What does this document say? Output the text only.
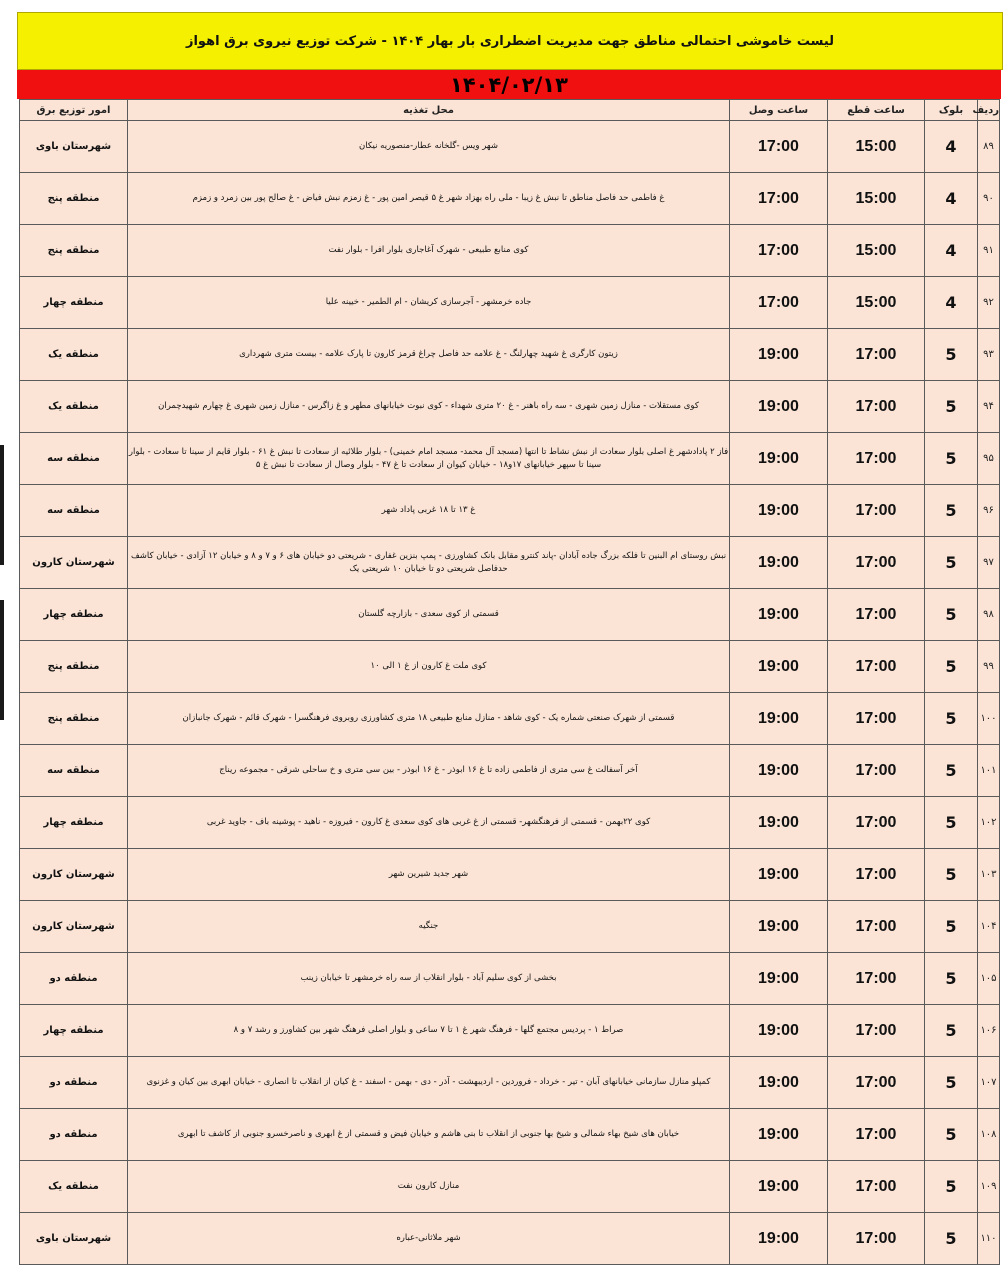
لیست خاموشی احتمالی مناطق جهت مدیریت اضطراری بار بهار ۱۴۰۴ - شرکت توزیع نیروی برق اهواز
۱۴۰۴/۰۲/۱۳
ردیف	بلوک	ساعت قطع	ساعت وصل	محل تغذیه	امور توزیع برق
۸۹	4	15:00	17:00	شهر ویس -گلخانه عطار-منصوریه نیکان	شهرستان باوی
۹۰	4	15:00	17:00	غ فاطمی حد فاصل مناطق تا نبش غ زیبا - ملی راه بهزاد شهر غ ۵ قیصر امین پور - غ زمزم نبش فیاض - غ صالح پور بین زمرد و زمزم	منطقه پنج
۹۱	4	15:00	17:00	کوی منابع طبیعی - شهرک آغاجاری بلوار افرا - بلوار نفت	منطقه پنج
۹۲	4	15:00	17:00	جاده خرمشهر - آجرسازی کریشان - ام الطمیر - خیینه علیا	منطقه چهار
۹۳	5	17:00	19:00	زیتون کارگری غ شهید چهارلنگ - غ علامه حد فاصل چراغ قرمز کارون تا پارک علامه - بیست متری شهرداری	منطقه یک
۹۴	5	17:00	19:00	کوی مستقلات - منازل زمین شهری - سه راه باهنر - غ ۲۰ متری شهداء - کوی نبوت خیابانهای مطهر و غ زاگرس - منازل زمین شهری غ چهارم شهیدچمران	منطقه یک
۹۵	5	17:00	19:00	فاز ۲ پادادشهر غ اصلی بلوار سعادت از نبش نشاط تا انتها (مسجد آل محمد- مسجد امام خمینی) - بلوار طلائیه از سعادت تا نبش غ ۶۱ - بلوار قایم از سینا تا سعادت - بلوار سینا تا سپهر خیابانهای ۱۷و۱۸ - خیابان کیوان از سعادت تا غ ۴۷ - بلوار وصال از سعادت تا نبش غ ۵	منطقه سه
۹۶	5	17:00	19:00	غ ۱۳ تا ۱۸ غربی پاداد شهر	منطقه سه
۹۷	5	17:00	19:00	نبش روستای ام البنین تا فلکه بزرگ جاده آبادان -پاند کنترو مقابل بانک کشاورزی - پمپ بنزین غفاری - شریعتی دو خیابان های ۶ و ۷ و ۸ و خیابان ۱۲ آزادی - خیابان کاشف حدفاصل شریعتی دو تا خیابان ۱۰ شریعتی یک	شهرستان کارون
۹۸	5	17:00	19:00	قسمتی از کوی سعدی - بازارچه گلستان	منطقه چهار
۹۹	5	17:00	19:00	کوی ملت غ کارون از غ ۱ الی ۱۰	منطقه پنج
۱۰۰	5	17:00	19:00	قسمتی از شهرک صنعتی شماره یک - کوی شاهد - منازل منابع طبیعی ۱۸ متری کشاورزی روبروی فرهنگسرا - شهرک قائم - شهرک جانبازان	منطقه پنج
۱۰۱	5	17:00	19:00	آخر آسفالت غ سی متری از فاطمی زاده تا غ ۱۶ ابوذر - غ ۱۶ ابوذر - بین سی متری و خ ساحلی شرقی - مجموعه ریناج	منطقه سه
۱۰۲	5	17:00	19:00	کوی ۲۲بهمن - قسمتی از فرهنگشهر- قسمتی از غ غربی های کوی سعدی غ کارون - فیروزه - ناهید - پوشینه باف - جاوید غربی	منطقه چهار
۱۰۳	5	17:00	19:00	شهر جدید شیرین شهر	شهرستان کارون
۱۰۴	5	17:00	19:00	جنگیه	شهرستان کارون
۱۰۵	5	17:00	19:00	بخشی از کوی سلیم آباد - بلوار انقلاب از سه راه خرمشهر تا خیابان زینب	منطقه دو
۱۰۶	5	17:00	19:00	صراط ۱ - پردیس مجتمع گلها - فرهنگ شهر غ ۱ تا ۷ ساعی و بلوار اصلی فرهنگ شهر بین کشاورز و رشد ۷ و ۸	منطقه چهار
۱۰۷	5	17:00	19:00	کمپلو منازل سازمانی خیابانهای آبان - تیر - خرداد - فروردین - اردیبهشت - آذر - دی - بهمن - اسفند - غ کیان از انقلاب تا انصاری - خیابان ابهری بین کیان و غزنوی	منطقه دو
۱۰۸	5	17:00	19:00	خیابان های شیخ بهاء شمالی و شیخ بها جنوبی از انقلاب تا بنی هاشم و خیابان فیض و قسمتی از غ ابهری و ناصرخسرو جنوبی از کاشف تا ابهری	منطقه دو
۱۰۹	5	17:00	19:00	منازل کارون نفت	منطقه یک
۱۱۰	5	17:00	19:00	شهر ملاثانی-عباره	شهرستان باوی
